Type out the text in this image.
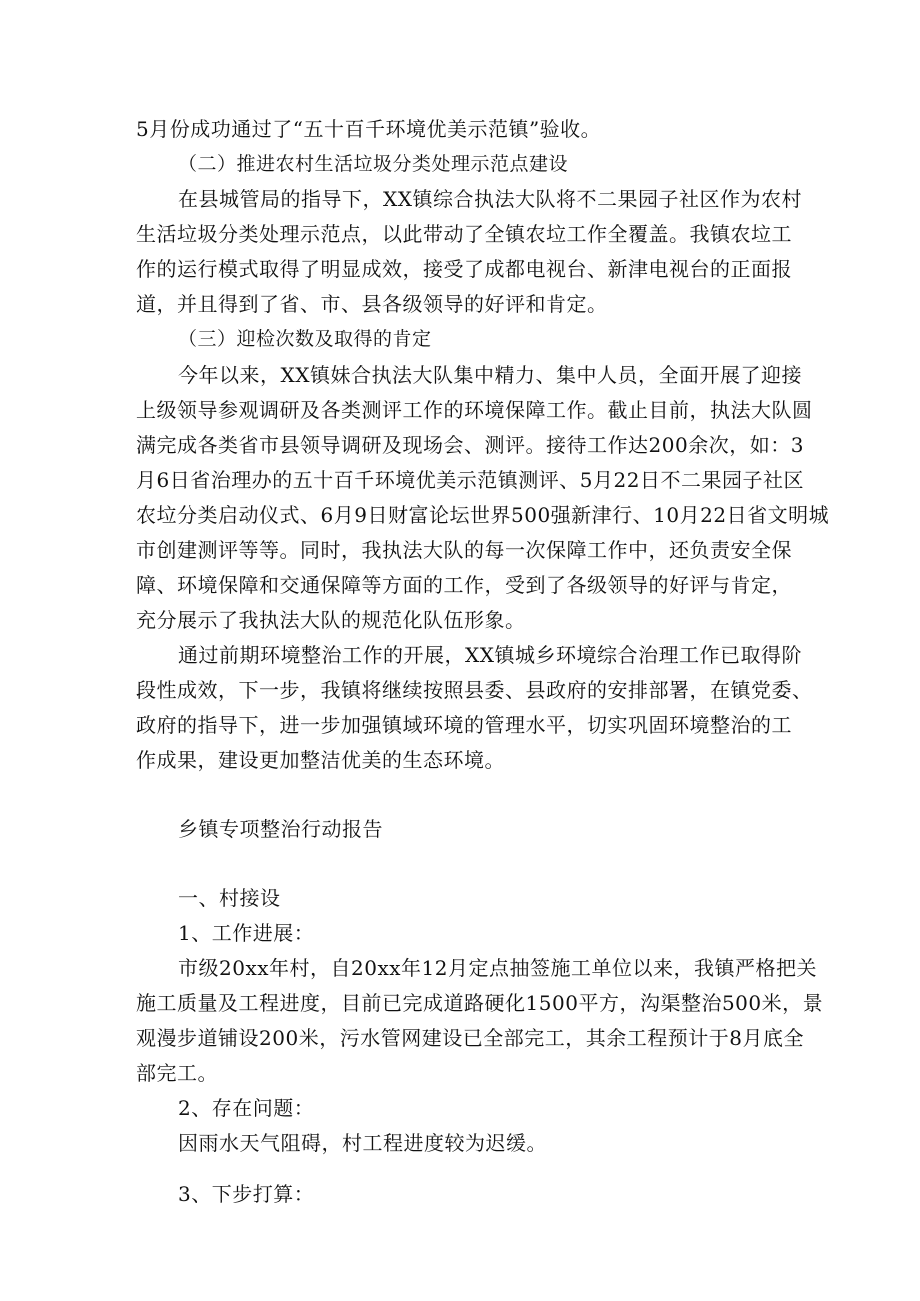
5月份成功通过了“五十百千环境优美示范镇”验收。
（二）推进农村生活垃圾分类处理示范点建设
在县城管局的指导下，XX镇综合执法大队将不二果园子社区作为农村
生 活 垃 圾 分 类 处 理 示 范 点 ， 以 此 带 动 了 全 镇 农 垃 工 作 全 覆 盖 。 我 镇 农 垃 工
作 的 运 行 模 式 取 得 了 明 显 成 效 ， 接 受 了 成 都 电 视 台 、 新 津 电 视 台 的 正 面 报
道，并且得到了省、市、县各级领导的好评和肯定。
（三）迎检次数及取得的肯定
今年以来，XX镇妹合执法大队集中精力、集中人员，全面开展了迎接
上 级 领 导 参 观 调 研 及 各 类 测 评 工 作 的 环 境 保 障 工 作 。 截 止 目 前 ， 执 法 大 队 圆
满 完 成 各 类 省 市 县 领 导 调 研 及 现 场 会 、 测 评 。 接 待 工 作 达 2 0 0 余 次 ， 如 ： 3
月 6 日 省 治 理 办 的 五 十 百 千 环 境 优 美 示 范 镇 测 评 、 5 月 2 2 日 不 二 果 园 子 社 区
农 垃 分 类 启 动 仪 式 、 6 月 9 日 财 富 论 坛 世 界 5 0 0 强 新 津 行 、 1 0 月 2 2 日 省 文 明 城
市 创 建 测 评 等 等 。 同 时 ， 我 执 法 大 队 的 每 一 次 保 障 工 作 中 ， 还 负 责 安 全 保
障 、 环 境 保 障 和 交 通 保 障 等 方 面 的 工 作 ， 受 到 了 各 级 领 导 的 好 评 与 肯 定 ，
充分展示了我执法大队的规范化队伍形象。
通过前期环境整治工作的开展，XX镇城乡环境综合治理工作已取得阶
段 性 成 效 ， 下 一 步 ， 我 镇 将 继 续 按 照 县 委 、 县 政 府 的 安 排 部 署 ， 在 镇 党 委 、
政 府 的 指 导 下 ， 进 一 步 加 强 镇 域 环 境 的 管 理 水 平 ， 切 实 巩 固 环 境 整 治 的 工
作成果，建设更加整洁优美的生态环境。
乡镇专项整治行动报告
一、村接设
1、工作进展：
市级20xx年村，自20xx年12月定点抽签施工单位以来，我镇严格把关
施 工 质 量 及 工 程 进 度 ， 目 前 已 完 成 道 路 硬 化 1 5 0 0 平 方 ， 沟 渠 整 治 5 0 0 米 ， 景
观 漫 步 道 铺 设 2 0 0 米 ， 污 水 管 网 建 设 已 全 部 完 工 ， 其 余 工 程 预 计 于 8 月 底 全
部完工。
2、存在问题：
因雨水天气阻碍，村工程进度较为迟缓。
3、下步打算：
